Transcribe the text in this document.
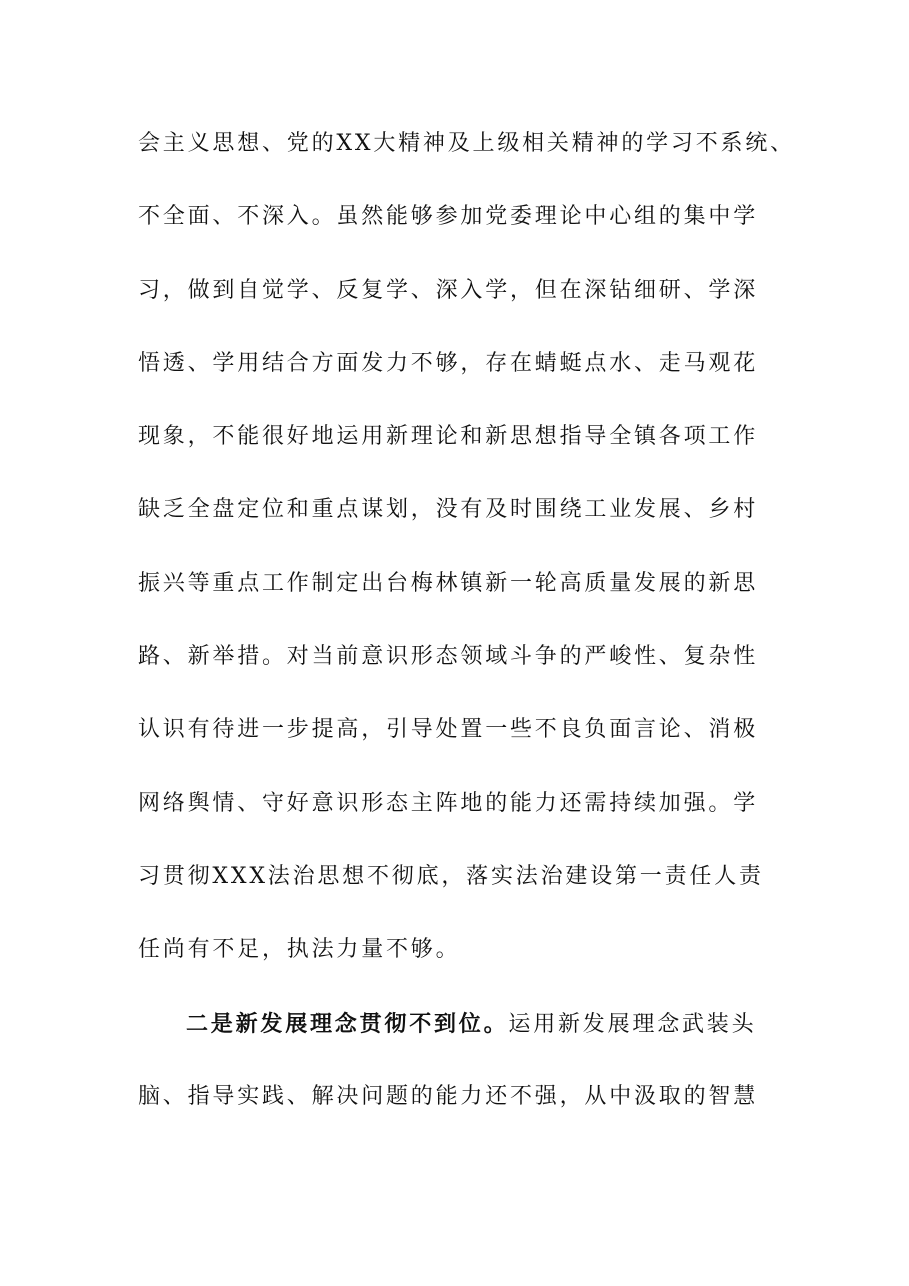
会主义思想、党的XX大精神及上级相关精神的学习不系统、
不全面、不深入。虽然能够参加党委理论中心组的集中学
习，做到自觉学、反复学、深入学，但在深钻细研、学深
悟透、学用结合方面发力不够，存在蜻蜓点水、走马观花
现象，不能很好地运用新理论和新思想指导全镇各项工作
缺乏全盘定位和重点谋划，没有及时围绕工业发展、乡村
振兴等重点工作制定出台梅林镇新一轮高质量发展的新思
路、新举措。对当前意识形态领域斗争的严峻性、复杂性
认识有待进一步提高，引导处置一些不良负面言论、消极
网络舆情、守好意识形态主阵地的能力还需持续加强。学
习贯彻XXX法治思想不彻底，落实法治建设第一责任人责
任尚有不足，执法力量不够。
二是新发展理念贯彻不到位。运用新发展理念武装头
脑、指导实践、解决问题的能力还不强，从中汲取的智慧
